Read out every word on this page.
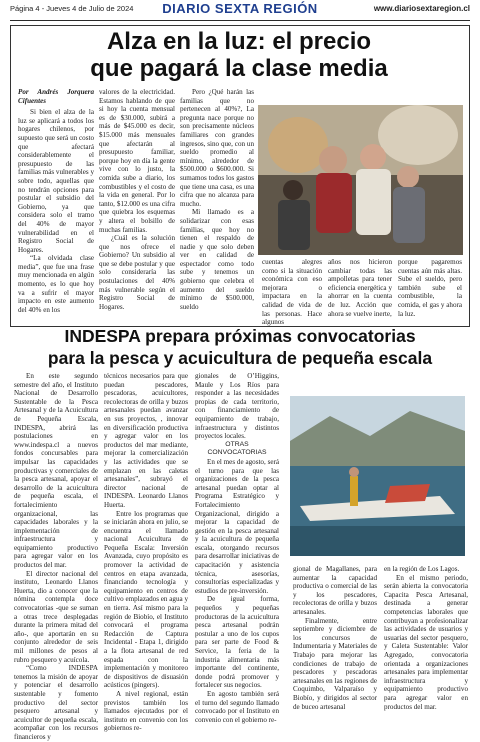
Página 4 - Jueves 4 de Julio de 2024	DIARIO SEXTA REGIÓN	www.diariosextaregion.cl
Alza en la luz: el precio
que pagará la clase media

Por Andrés Jorquera Cifuentes

Si bien el alza de la luz se aplicará a todos los hogares chilenos, por supuesto que será un costo que afectará considerablemente el presupuesto de las familias más vulnerables y sobre todo, aquellas que no tendrán opciones para postular el subsidio del Gobierno, ya que considera solo el tramo del 40% de mayor vulnerabilidad en el Registro Social de Hogares.

“La olvidada clase media”, que fue una frase muy mencionada en algún momento, es lo que hoy va a sufrir el mayor impacto en este aumento del 40% en los

valores de la electricidad. Estamos hablando de que si hoy la cuenta mensual es de $30.000, subirá a más de $45.000 es decir, $15.000 más mensuales que afectarán al presupuesto familiar, porque hoy en día la gente vive con lo justo, la comida sube a diario, los combustibles y el costo de la vida en general. Por lo tanto, $12.000 es una cifra que quiebra los esquemas y altera el bolsillo de muchas familias.

¿Cuál es la solución que nos ofrece el Gobierno? Un subsidio al que se debe postular y que solo consideraría las postulaciones del 40% más vulnerable según el Registro Social de Hogares.

Pero ¿Qué harán las familias que no pertenecen al 40%?, La pregunta nace porque no son precisamente núcleos familiares con grandes ingresos, sino que, con un sueldo promedio al mínimo, alrededor de $500.000 o $600.000. Si sumamos todos los gastos que tiene una casa, es una cifra que no alcanza para mucho.

Mi llamado es a solidarizar con esas familias, que hoy no tienen el respaldo de nadie y que solo deben ver en calidad de espectador como todo sube y tenemos un gobierno que celebra el aumento del sueldo mínimo de $500.000, sueldo

cuentas alegres como si la situación económica con eso mejorara o impactara en la calidad de vida de las personas. Hace algunos

años nos hicieron cambiar todas las ampolletas para tener eficiencia energética y ahorrar en la cuenta de luz. Acción que ahora se vuelve inerte,

porque pagaremos cuentas aún más altas. Sube el sueldo, pero también sube el combustible, la comida, el gas y ahora la luz.

INDESPA prepara próximas convocatorias
para la pesca y acuicultura de pequeña escala

En este segundo semestre del año, el Instituto Nacional de Desarrollo Sustentable de la Pesca Artesanal y de la Acuicultura de Pequeña Escala, INDESPA, abrirá las postulaciones en www.indespa.cl a nuevos fondos concursables para impulsar las capacidades productivas y comerciales de la pesca artesanal, apoyar el desarrollo de la acuicultura de pequeña escala, el fortalecimiento organizacional, las capacidades laborales y la implementación de infraestructura y equipamiento productivo para agregar valor en los productos del mar.

El director nacional del instituto, Leonardo Llanos Huerta, dio a conocer que la nómina contempla doce convocatorias -que se suman a otras trece desplegadas durante la primera mitad del año-, que aportarán en su conjunto alrededor de seis mil millones de pesos al rubro pesquero y acuícola.

“Como INDESPA tenemos la misión de apoyar y potenciar el desarrollo sustentable y fomento productivo del sector pesquero artesanal y acuicultor de pequeña escala, acompañar con los recursos financieros y

técnicos necesarios para que puedan pescadores, pescadoras, acuicultores, recolectoras de orilla y buzos artesanales puedan avanzar en sus proyectos, , innovar en diversificación productiva y agregar valor en los productos del mar mediante, mejorar la comercialización y las actividades que se emplazan en las caletas artesanales”, subrayó el director nacional de INDESPA. Leonardo Llanos Huerta.

Entre los programas que se iniciarán ahora en julio, se encuentra el llamado nacional Acuicultura de Pequeña Escala: Inversión Avanzada, cuyo propósito es promover la actividad de centros en etapa avanzada, financiando tecnología y equipamiento en centros de cultivo emplazados en agua y en tierra. Así mismo para la región de Biobío, el Instituto convocará el programa Redacción de Captura Incidental - Etapa 1, dirigido a la flota artesanal de red espada con la implementación y monitoreo de dispositivos de disuasión acústicos (pingers).

A nivel regional, están previstos también los llamados ejecutados por el instituto en convenio con los gobiernos re-

gionales de O’Higgins, Maule y Los Ríos para responder a las necesidades propias de cada territorio, con financiamiento de equipamiento de trabajo, infraestructura y distintos proyectos locales.

OTRAS CONVOCATORIAS

En el mes de agosto, será el turno para que las organizaciones de la pesca artesanal puedan optar al Programa Estratégico y Fortalecimiento Organizacional, dirigido a mejorar la capacidad de gestión en la pesca artesanal y la acuicultura de pequeña escala, otorgando recursos para desarrollar iniciativas de capacitación y asistencia técnica, asesorías, consultorías especializadas y estudios de pre-inversión.

De igual forma, pequeños y pequeñas productoras de la acuicultura pesca artesanal podrán postular a uno de los cupos para ser parte de Food & Service, la feria de la industria alimentaria más importante del continente, donde podrá promover y fortalecer sus negocios.

En agosto también será el turno del segundo llamado convocado por el Instituto en convenio con el gobierno re-

gional de Magallanes, para aumentar la capacidad productiva o comercial de las y los pescadores, recolectoras de orilla y buzos artesanales.

Finalmente, entre septiembre y diciembre de los concursos de Indumentaria y Materiales de Trabajo para mejorar las condiciones de trabajo de pescadores y pescadoras artesanales en las regiones de Coquimbo, Valparaíso y Biobío, y dirigidos al sector de buceo artesanal

en la región de Los Lagos.

En el mismo periodo, serán abierta la convocatoria Capacita Pesca Artesanal, destinada a generar competencias laborales que contribuyan a profesionalizar las actividades de usuarios y usuarias del sector pesquero, y Caleta Sustentable: Valor Agregado, convocatoria orientada a organizaciones artesanales para implementar infraestructura y equipamiento productivo para agregar valor en productos del mar.
